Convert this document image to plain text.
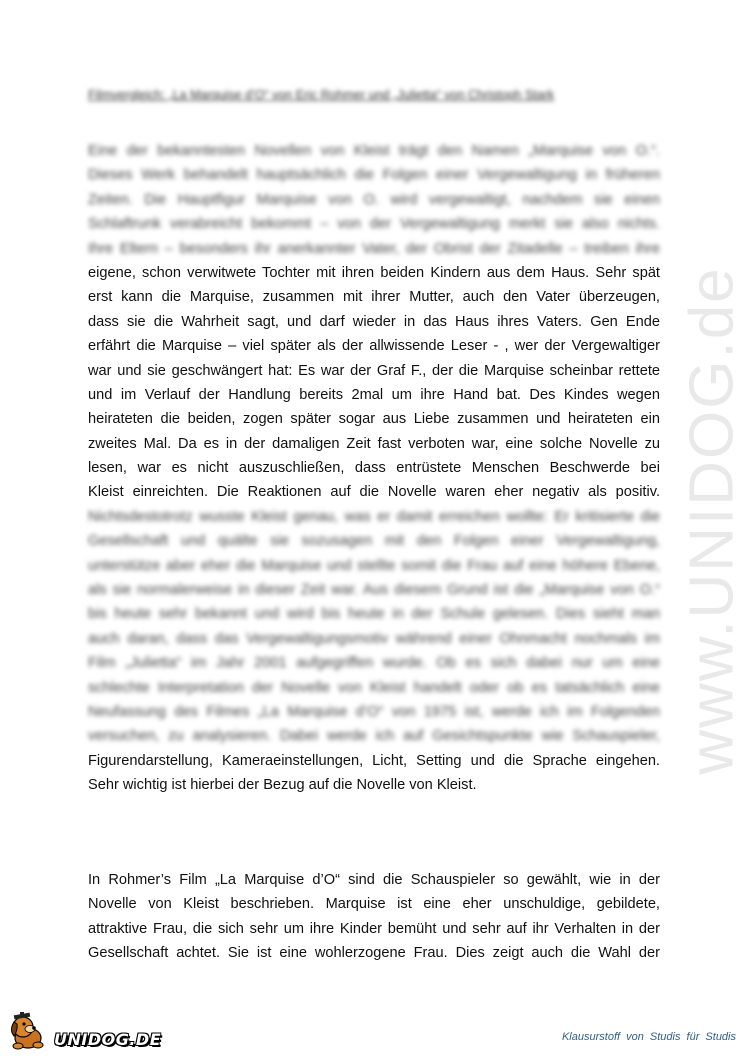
www.UNIDOG.de
Filmvergleich: „La Marquise d’O“ von Eric Rohmer und „Julietta“ von Christoph Stark
Eine der bekanntesten Novellen von Kleist trägt den Namen „Marquise von O.“.
Dieses Werk behandelt hauptsächlich die Folgen einer Vergewaltigung in früheren
Zeiten. Die Hauptfigur Marquise von O. wird vergewaltigt, nachdem sie einen
Schlaftrunk verabreicht bekommt – von der Vergewaltigung merkt sie also nichts.
Ihre Eltern – besonders ihr anerkannter Vater, der Obrist der Zitadelle – treiben ihre
eigene, schon verwitwete Tochter mit ihren beiden Kindern aus dem Haus. Sehr spät
erst kann die Marquise, zusammen mit ihrer Mutter, auch den Vater überzeugen,
dass sie die Wahrheit sagt, und darf wieder in das Haus ihres Vaters. Gen Ende
erfährt die Marquise – viel später als der allwissende Leser - , wer der Vergewaltiger
war und sie geschwängert hat: Es war der Graf F., der die Marquise scheinbar rettete
und im Verlauf der Handlung bereits 2mal um ihre Hand bat. Des Kindes wegen
heirateten die beiden, zogen später sogar aus Liebe zusammen und heirateten ein
zweites Mal. Da es in der damaligen Zeit fast verboten war, eine solche Novelle zu
lesen, war es nicht auszuschließen, dass entrüstete Menschen Beschwerde bei
Kleist einreichten. Die Reaktionen auf die Novelle waren eher negativ als positiv.
Nichtsdestotrotz wusste Kleist genau, was er damit erreichen wollte: Er kritisierte die
Gesellschaft und quälte sie sozusagen mit den Folgen einer Vergewaltigung,
unterstütze aber eher die Marquise und stellte somit die Frau auf eine höhere Ebene,
als sie normalerweise in dieser Zeit war. Aus diesem Grund ist die „Marquise von O.“
bis heute sehr bekannt und wird bis heute in der Schule gelesen. Dies sieht man
auch daran, dass das Vergewaltigungsmotiv während einer Ohnmacht nochmals im
Film „Julietta“ im Jahr 2001 aufgegriffen wurde. Ob es sich dabei nur um eine
schlechte Interpretation der Novelle von Kleist handelt oder ob es tatsächlich eine
Neufassung des Filmes „La Marquise d’O“ von 1975 ist, werde ich im Folgenden
versuchen, zu analysieren. Dabei werde ich auf Gesichtspunkte wie Schauspieler,
Figurendarstellung, Kameraeinstellungen, Licht, Setting und die Sprache eingehen.
Sehr wichtig ist hierbei der Bezug auf die Novelle von Kleist.
In Rohmer’s Film „La Marquise d’O“ sind die Schauspieler so gewählt, wie in der
Novelle von Kleist beschrieben. Marquise ist eine eher unschuldige, gebildete,
attraktive Frau, die sich sehr um ihre Kinder bemüht und sehr auf ihr Verhalten in der
Gesellschaft achtet. Sie ist eine wohlerzogene Frau. Dies zeigt auch die Wahl der
UNIDOG.DE	Klausurstoff von Studis für Studis
